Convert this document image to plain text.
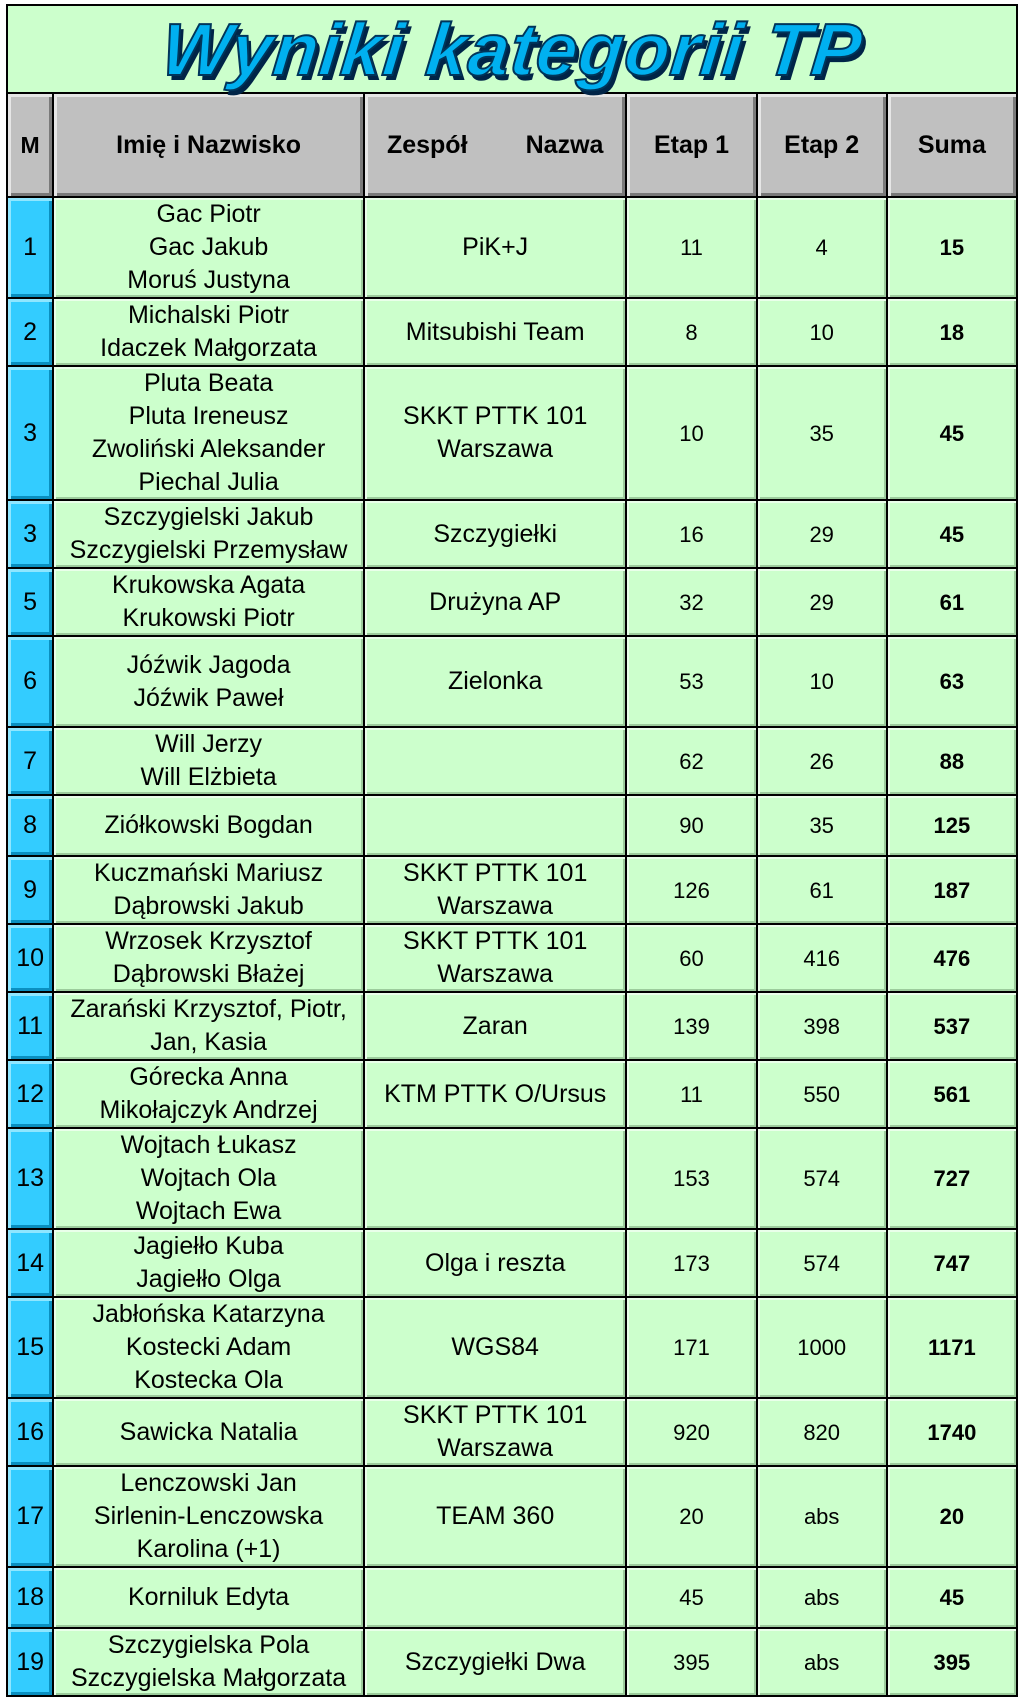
Wyniki kategorii TP
M	Imię i Nazwisko	Zespół Nazwa	Etap 1	Etap 2	Suma
1	Gac Piotr
Gac Jakub
Moruś Justyna	PiK+J	11	4	15
2	Michalski Piotr
Idaczek Małgorzata	Mitsubishi Team	8	10	18
3	Pluta Beata
Pluta Ireneusz
Zwoliński Aleksander
Piechal Julia	SKKT PTTK 101
Warszawa	10	35	45
3	Szczygielski Jakub
Szczygielski Przemysław	Szczygiełki	16	29	45
5	Krukowska Agata
Krukowski Piotr	Drużyna AP	32	29	61
6	Jóźwik Jagoda
Jóźwik Paweł	Zielonka	53	10	63
7	Will Jerzy
Will Elżbieta		62	26	88
8	Ziółkowski Bogdan		90	35	125
9	Kuczmański Mariusz
Dąbrowski Jakub	SKKT PTTK 101
Warszawa	126	61	187
10	Wrzosek Krzysztof
Dąbrowski Błażej	SKKT PTTK 101
Warszawa	60	416	476
11	Zarański Krzysztof, Piotr,
Jan, Kasia	Zaran	139	398	537
12	Górecka Anna
Mikołajczyk Andrzej	KTM PTTK O/Ursus	11	550	561
13	Wojtach Łukasz
Wojtach Ola
Wojtach Ewa		153	574	727
14	Jagiełło Kuba
Jagiełło Olga	Olga i reszta	173	574	747
15	Jabłońska Katarzyna
Kostecki Adam
Kostecka Ola	WGS84	171	1000	1171
16	Sawicka Natalia	SKKT PTTK 101
Warszawa	920	820	1740
17	Lenczowski Jan
Sirlenin-Lenczowska
Karolina (+1)	TEAM 360	20	abs	20
18	Korniluk Edyta		45	abs	45
19	Szczygielska Pola
Szczygielska Małgorzata	Szczygiełki Dwa	395	abs	395
